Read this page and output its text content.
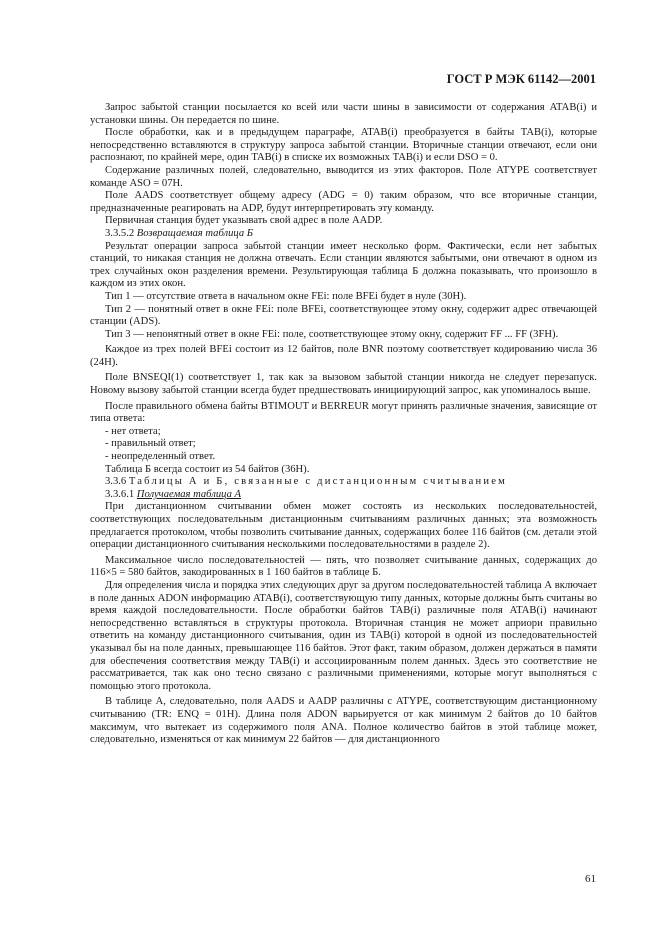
ГОСТ Р МЭК 61142—2001

Запрос забытой станции посылается ко всей или части шины в зависимости от содержания ATAB(i) и установки шины. Он передается по шине.

После обработки, как и в предыдущем параграфе, ATAB(i) преобразуется в байты TAB(i), которые непосредственно вставляются в структуру запроса забытой станции. Вторичные станции отвечают, если они распознают, по крайней мере, один TAB(i) в списке их возможных TAB(i) и если DSO = 0.

Содержание различных полей, следовательно, выводится из этих факторов. Поле ATYPE соответствует команде ASO = 07H.

Поле AADS соответствует общему адресу (ADG = 0) таким образом, что все вторичные станции, предназначенные реагировать на ADP, будут интерпретировать эту команду.

Первичная станция будет указывать свой адрес в поле AADP.

3.3.5.2 Возвращаемая таблица Б

Результат операции запроса забытой станции имеет несколько форм. Фактически, если нет забытых станций, то никакая станция не должна отвечать. Если станции являются забытыми, они отвечают в одном из трех случайных окон разделения времени. Результирующая таблица Б должна показывать, что произошло в каждом из этих окон.

Тип 1 — отсутствие ответа в начальном окне FEi: поле BFEi будет в нуле (30H).

Тип 2 — понятный ответ в окне FEi: поле BFEi, соответствующее этому окну, содержит адрес отвечающей станции (ADS).

Тип 3 — непонятный ответ в окне FEi: поле, соответствующее этому окну, содержит FF ... FF (3FH).

Каждое из трех полей BFEi состоит из 12 байтов, поле BNR поэтому соответствует кодированию числа 36 (24H).

Поле BNSEQI(1) соответствует 1, так как за вызовом забытой станции никогда не следует перезапуск. Новому вызову забытой станции всегда будет предшествовать инициирующий запрос, как упоминалось выше.

После правильного обмена байты BTIMOUT и BERREUR могут принять различные значения, зависящие от типа ответа:

- нет ответа;
- правильный ответ;
- неопределенный ответ.

Таблица Б всегда состоит из 54 байтов (36H).

3.3.6 Таблицы А и Б, связанные с дистанционным считыванием

3.3.6.1 Получаемая таблица А

При дистанционном считывании обмен может состоять из нескольких последовательностей, соответствующих последовательным дистанционным считываниям различных данных; эта возможность предлагается протоколом, чтобы позволить считывание данных, содержащих более 116 байтов (см. детали этой операции дистанционного считывания несколькими последовательностями в разделе 2).

Максимальное число последовательностей — пять, что позволяет считывание данных, содержащих до 116×5 = 580 байтов, закодированных в 1 160 байтов в таблице Б.

Для определения числа и порядка этих следующих друг за другом последовательностей таблица А включает в поле данных ADON информацию ATAB(i), соответствующую типу данных, которые должны быть считаны во время каждой последовательности. После обработки байтов TAB(i) различные поля ATAB(i) начинают непосредственно вставляться в структуры протокола. Вторичная станция не может априори правильно ответить на команду дистанционного считывания, один из TAB(i) которой в одной из последовательностей указывал бы на поле данных, превышающее 116 байтов. Этот факт, таким образом, должен держаться в памяти для обеспечения соответствия между TAB(i) и ассоциированным полем данных. Здесь это соответствие не рассматривается, так как оно тесно связано с различными применениями, которые могут выполняться с помощью этого протокола.

В таблице А, следовательно, поля AADS и AADP различны с ATYPE, соответствующим дистанционному считыванию (TR: ENQ = 01H). Длина поля ADON варьируется от как минимум 2 байтов до 10 байтов максимум, что вытекает из содержимого поля ANA. Полное количество байтов в этой таблице может, следовательно, изменяться от как минимум 22 байтов — для дистанционного

61
